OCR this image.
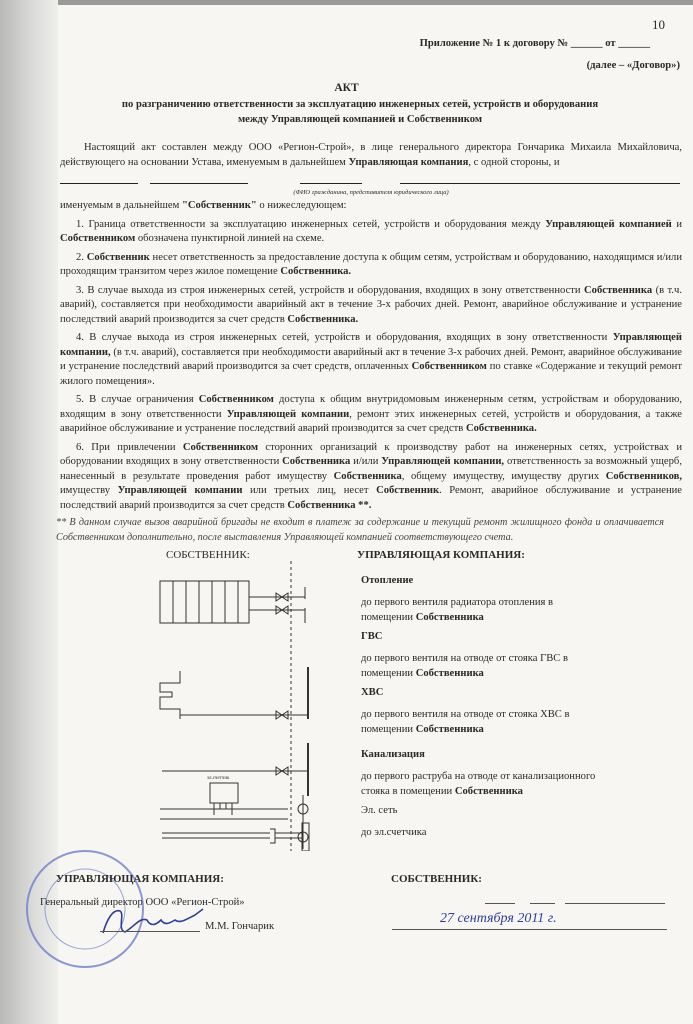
10
Приложение № 1 к договору № ______ от ______
(далее – «Договор»)
АКТ
по разграничению ответственности за эксплуатацию инженерных сетей, устройств и оборудования
между Управляющей компанией и Собственником
Настоящий акт составлен между ООО «Регион-Строй», в лице генерального директора Гончарика Михаила Михайловича, действующего на основании Устава, именуемым в дальнейшем Управляющая компания, с одной стороны, и
(ФИО гражданина, представителя юридического лица)
именуемым в дальнейшем "Собственник" о нижеследующем:
1. Граница ответственности за эксплуатацию инженерных сетей, устройств и оборудования между Управляющей компанией и Собственником обозначена пунктирной линией на схеме.
2. Собственник несет ответственность за предоставление доступа к общим сетям, устройствам и оборудованию, находящимся и/или проходящим транзитом через жилое помещение Собственника.
3. В случае выхода из строя инженерных сетей, устройств и оборудования, входящих в зону ответственности Собственника (в т.ч. аварий), составляется при необходимости аварийный акт в течение 3-х рабочих дней. Ремонт, аварийное обслуживание и устранение последствий аварий производится за счет средств Собственника.
4. В случае выхода из строя инженерных сетей, устройств и оборудования, входящих в зону ответственности Управляющей компании, (в т.ч. аварий), составляется при необходимости аварийный акт в течение 3-х рабочих дней. Ремонт, аварийное обслуживание и устранение последствий аварий производится за счет средств, оплаченных Собственником по ставке «Содержание и текущий ремонт жилого помещения».
5. В случае ограничения Собственником доступа к общим внутридомовым инженерным сетям, устройствам и оборудованию, входящим в зону ответственности Управляющей компании, ремонт этих инженерных сетей, устройств и оборудования, а также аварийное обслуживание и устранение последствий аварий производится за счет средств Собственника.
6. При привлечении Собственником сторонних организаций к производству работ на инженерных сетях, устройствах и оборудовании входящих в зону ответственности Собственника и/или Управляющей компании, ответственность за возможный ущерб, нанесенный в результате проведения работ имуществу Собственника, общему имуществу, имуществу других Собственников, имуществу Управляющей компании или третьих лиц, несет Собственник. Ремонт, аварийное обслуживание и устранение последствий аварий производится за счет средств Собственника **.
** В данном случае вызов аварийной бригады не входит в платеж за содержание и текущий ремонт жилищного фонда и оплачивается Собственником дополнительно, после выставления Управляющей компанией соответствующего счета.
СОБСТВЕННИК:	УПРАВЛЯЮЩАЯ КОМПАНИЯ:
эл.счетчик
Отопление
до первого вентиля радиатора отопления в помещении Собственника
ГВС
до первого вентиля на отводе от стояка ГВС в помещении Собственника
ХВС
до первого вентиля на отводе от стояка ХВС в помещении Собственника
Канализация
до первого раструба на отводе от канализационного стояка в помещении Собственника
Эл. сеть
до эл.счетчика
УПРАВЛЯЮЩАЯ КОМПАНИЯ:
Генеральный директор ООО «Регион-Строй»
М.М. Гончарик
СОБСТВЕННИК:
27 сентября 2011 г.
